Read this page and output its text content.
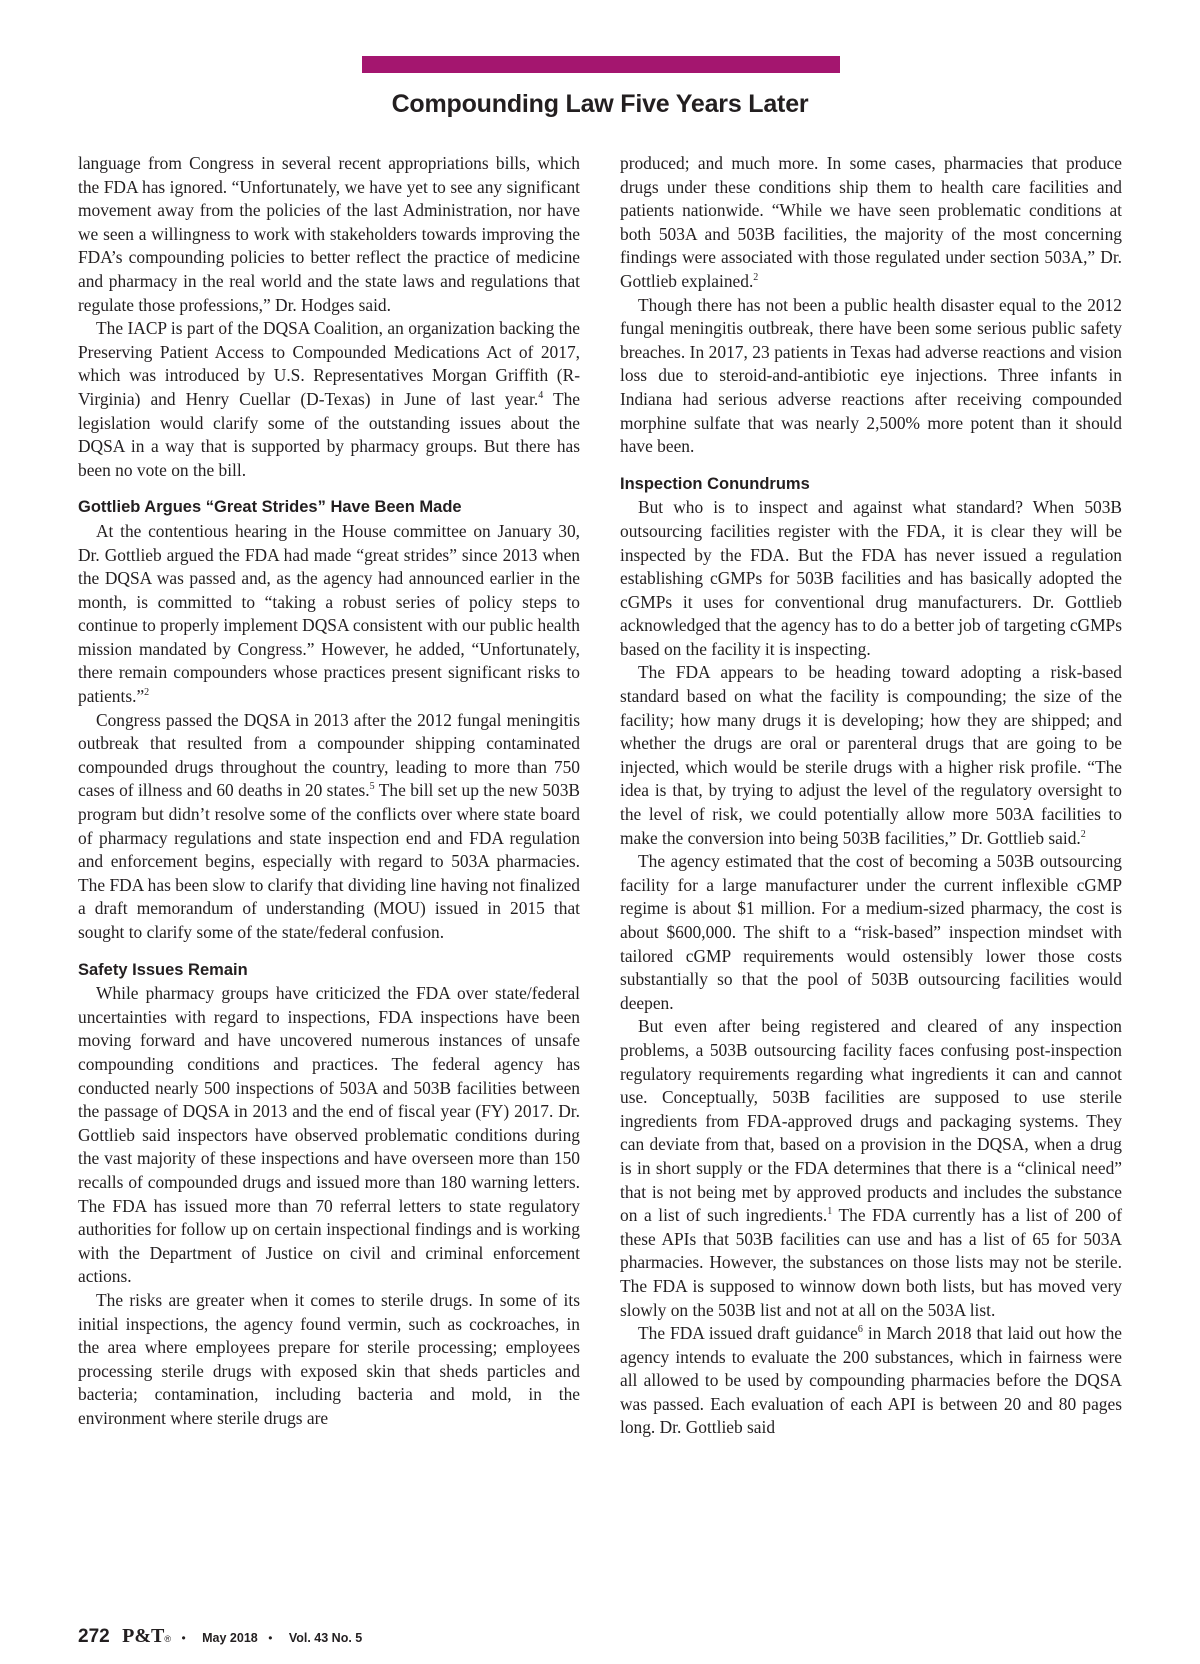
Compounding Law Five Years Later

language from Congress in several recent appropriations bills, which the FDA has ignored. “Unfortunately, we have yet to see any significant movement away from the policies of the last Administration, nor have we seen a willingness to work with stakeholders towards improving the FDA’s compounding policies to better reflect the practice of medicine and pharmacy in the real world and the state laws and regulations that regulate those professions,” Dr. Hodges said.

The IACP is part of the DQSA Coalition, an organization backing the Preserving Patient Access to Compounded Medications Act of 2017, which was introduced by U.S. Representatives Morgan Griffith (R-Virginia) and Henry Cuellar (D-Texas) in June of last year.$^4$ The legislation would clarify some of the outstanding issues about the DQSA in a way that is supported by pharmacy groups. But there has been no vote on the bill.

Gottlieb Argues “Great Strides” Have Been Made

At the contentious hearing in the House committee on January 30, Dr. Gottlieb argued the FDA had made “great strides” since 2013 when the DQSA was passed and, as the agency had announced earlier in the month, is committed to “taking a robust series of policy steps to continue to properly implement DQSA consistent with our public health mission mandated by Congress.” However, he added, “Unfortunately, there remain compounders whose practices present significant risks to patients.”$^2$

Congress passed the DQSA in 2013 after the 2012 fungal meningitis outbreak that resulted from a compounder shipping contaminated compounded drugs throughout the country, leading to more than 750 cases of illness and 60 deaths in 20 states.$^5$ The bill set up the new 503B program but didn’t resolve some of the conflicts over where state board of pharmacy regulations and state inspection end and FDA regulation and enforcement begins, especially with regard to 503A pharmacies. The FDA has been slow to clarify that dividing line having not finalized a draft memorandum of understanding (MOU) issued in 2015 that sought to clarify some of the state/federal confusion.

Safety Issues Remain

While pharmacy groups have criticized the FDA over state/federal uncertainties with regard to inspections, FDA inspections have been moving forward and have uncovered numerous instances of unsafe compounding conditions and practices. The federal agency has conducted nearly 500 inspections of 503A and 503B facilities between the passage of DQSA in 2013 and the end of fiscal year (FY) 2017. Dr. Gottlieb said inspectors have observed problematic conditions during the vast majority of these inspections and have overseen more than 150 recalls of compounded drugs and issued more than 180 warning letters. The FDA has issued more than 70 referral letters to state regulatory authorities for follow up on certain inspectional findings and is working with the Department of Justice on civil and criminal enforcement actions.

The risks are greater when it comes to sterile drugs. In some of its initial inspections, the agency found vermin, such as cockroaches, in the area where employees prepare for sterile processing; employees processing sterile drugs with exposed skin that sheds particles and bacteria; contamination, including bacteria and mold, in the environment where sterile drugs are

produced; and much more. In some cases, pharmacies that produce drugs under these conditions ship them to health care facilities and patients nationwide. “While we have seen problematic conditions at both 503A and 503B facilities, the majority of the most concerning findings were associated with those regulated under section 503A,” Dr. Gottlieb explained.$^2$

Though there has not been a public health disaster equal to the 2012 fungal meningitis outbreak, there have been some serious public safety breaches. In 2017, 23 patients in Texas had adverse reactions and vision loss due to steroid-and-antibiotic eye injections. Three infants in Indiana had serious adverse reactions after receiving compounded morphine sulfate that was nearly 2,500% more potent than it should have been.

Inspection Conundrums

But who is to inspect and against what standard? When 503B outsourcing facilities register with the FDA, it is clear they will be inspected by the FDA. But the FDA has never issued a regulation establishing cGMPs for 503B facilities and has basically adopted the cGMPs it uses for conventional drug manufacturers. Dr. Gottlieb acknowledged that the agency has to do a better job of targeting cGMPs based on the facility it is inspecting.

The FDA appears to be heading toward adopting a risk-based standard based on what the facility is compounding; the size of the facility; how many drugs it is developing; how they are shipped; and whether the drugs are oral or parenteral drugs that are going to be injected, which would be sterile drugs with a higher risk profile. “The idea is that, by trying to adjust the level of the regulatory oversight to the level of risk, we could potentially allow more 503A facilities to make the conversion into being 503B facilities,” Dr. Gottlieb said.$^2$

The agency estimated that the cost of becoming a 503B outsourcing facility for a large manufacturer under the current inflexible cGMP regime is about $1 million. For a medium-sized pharmacy, the cost is about $600,000. The shift to a “risk-based” inspection mindset with tailored cGMP requirements would ostensibly lower those costs substantially so that the pool of 503B outsourcing facilities would deepen.

But even after being registered and cleared of any inspection problems, a 503B outsourcing facility faces confusing post-inspection regulatory requirements regarding what ingredients it can and cannot use. Conceptually, 503B facilities are supposed to use sterile ingredients from FDA-approved drugs and packaging systems. They can deviate from that, based on a provision in the DQSA, when a drug is in short supply or the FDA determines that there is a “clinical need” that is not being met by approved products and includes the substance on a list of such ingredients.$^1$ The FDA currently has a list of 200 of these APIs that 503B facilities can use and has a list of 65 for 503A pharmacies. However, the substances on those lists may not be sterile. The FDA is supposed to winnow down both lists, but has moved very slowly on the 503B list and not at all on the 503A list.

The FDA issued draft guidance$^6$ in March 2018 that laid out how the agency intends to evaluate the 200 substances, which in fairness were all allowed to be used by compounding pharmacies before the DQSA was passed. Each evaluation of each API is between 20 and 80 pages long. Dr. Gottlieb said

272 P&T® • May 2018 • Vol. 43 No. 5
